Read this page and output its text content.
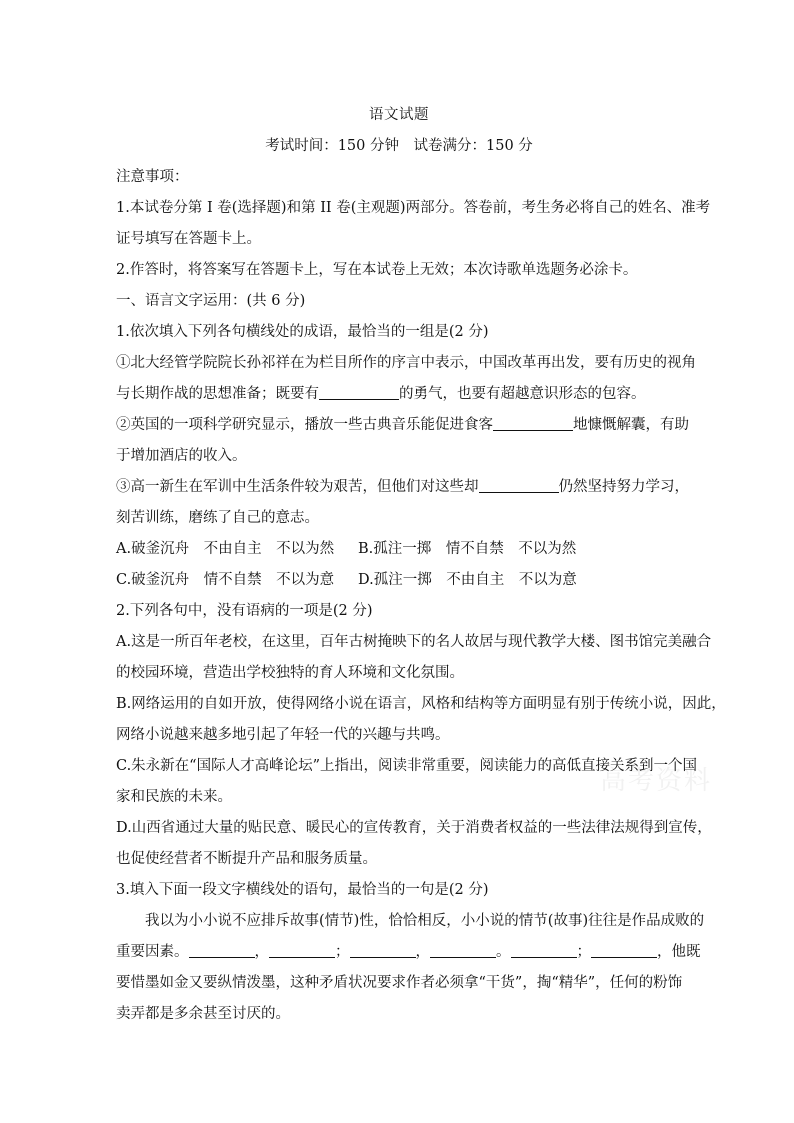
高考资料
语文试题
考试时间：150 分钟　试卷满分：150 分
注意事项：
1.本试卷分第 I 卷(选择题)和第 II 卷(主观题)两部分。答卷前，考生务必将自己的姓名、准考
证号填写在答题卡上。
2.作答时，将答案写在答题卡上，写在本试卷上无效；本次诗歌单选题务必涂卡。
一、语言文字运用：(共 6 分)
1.依次填入下列各句横线处的成语，最恰当的一组是(2 分)
①北大经管学院院长孙祁祥在为栏目所作的序言中表示，中国改革再出发，要有历史的视角
与长期作战的思想准备；既要有	的勇气，也要有超越意识形态的包容。
②英国的一项科学研究显示，播放一些古典音乐能促进食客	地慷慨解囊，有助
于增加酒店的收入。
③高一新生在军训中生活条件较为艰苦，但他们对这些却	仍然坚持努力学习，
刻苦训练，磨练了自己的意志。
A.破釜沉舟　不由自主　不以为然	B.孤注一掷　情不自禁　不以为然
C.破釜沉舟　情不自禁　不以为意	D.孤注一掷　不由自主　不以为意
2.下列各句中，没有语病的一项是(2 分)
A.这是一所百年老校，在这里，百年古树掩映下的名人故居与现代教学大楼、图书馆完美融合
的校园环境，营造出学校独特的育人环境和文化氛围。
B.网络运用的自如开放，使得网络小说在语言，风格和结构等方面明显有别于传统小说，因此，
网络小说越来越多地引起了年轻一代的兴趣与共鸣。
C.朱永新在“国际人才高峰论坛”上指出，阅读非常重要，阅读能力的高低直接关系到一个国
家和民族的未来。
D.山西省通过大量的贴民意、暖民心的宣传教育，关于消费者权益的一些法律法规得到宣传，
也促使经营者不断提升产品和服务质量。
3.填入下面一段文字横线处的语句，最恰当的一句是(2 分)
我以为小小说不应排斥故事(情节)性，恰恰相反，小小说的情节(故事)往往是作品成败的
重要因素。	，	；	，	。	；	，他既
要惜墨如金又要纵情泼墨，这种矛盾状况要求作者必须拿“干货”，掏“精华”，任何的粉饰
卖弄都是多余甚至讨厌的。
